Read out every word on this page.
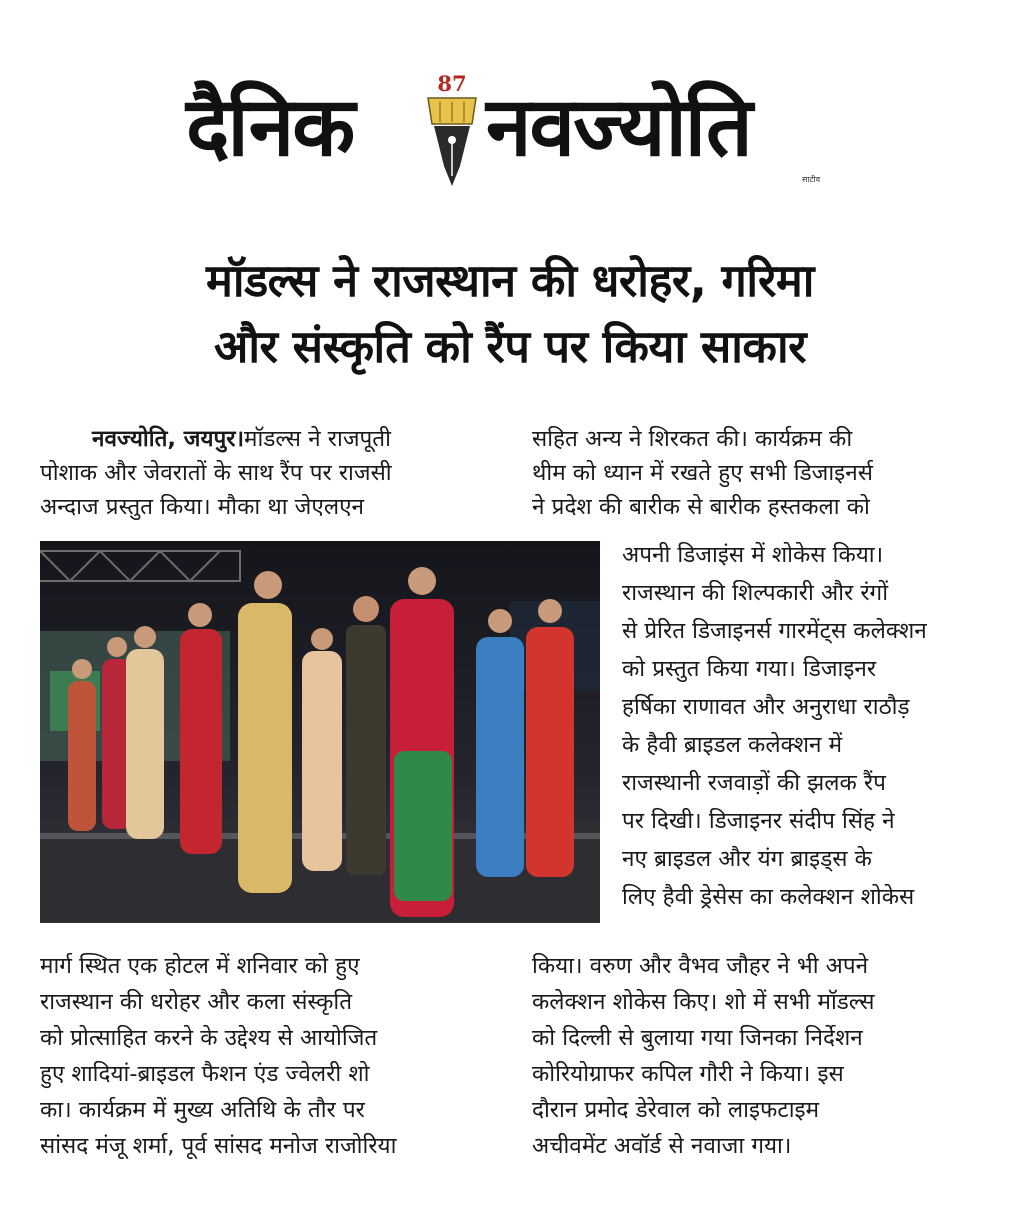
दैनिक	87 नवज्योति
साटीव
मॉडल्स ने राजस्थान की धरोहर, गरिमा
और संस्कृति को रैंप पर किया साकार
नवज्योति, जयपुर।मॉडल्स ने राजपूती
पोशाक और जेवरातों के साथ रैंप पर राजसी
अन्दाज प्रस्तुत किया। मौका था जेएलएन
मार्ग स्थित एक होटल में शनिवार को हुए
राजस्थान की धरोहर और कला संस्कृति
को प्रोत्साहित करने के उद्देश्य से आयोजित
हुए शादियां-ब्राइडल फैशन एंड ज्वेलरी शो
का। कार्यक्रम में मुख्य अतिथि के तौर पर
सांसद मंजू शर्मा, पूर्व सांसद मनोज राजोरिया
सहित अन्य ने शिरकत की। कार्यक्रम की
थीम को ध्यान में रखते हुए सभी डिजाइनर्स
ने प्रदेश की बारीक से बारीक हस्तकला को
अपनी डिजाइंस में शोकेस किया।
राजस्थान की शिल्पकारी और रंगों
से प्रेरित डिजाइनर्स गारमेंट्स कलेक्शन
को प्रस्तुत किया गया। डिजाइनर
हर्षिका राणावत और अनुराधा राठौड़
के हैवी ब्राइडल कलेक्शन में
राजस्थानी रजवाड़ों की झलक रैंप
पर दिखी। डिजाइनर संदीप सिंह ने
नए ब्राइडल और यंग ब्राइड्स के
लिए हैवी ड्रेसेस का कलेक्शन शोकेस
किया। वरुण और वैभव जौहर ने भी अपने
कलेक्शन शोकेस किए। शो में सभी मॉडल्स
को दिल्ली से बुलाया गया जिनका निर्देशन
कोरियोग्राफर कपिल गौरी ने किया। इस
दौरान प्रमोद डेरेवाल को लाइफटाइम
अचीवमेंट अवॉर्ड से नवाजा गया।
